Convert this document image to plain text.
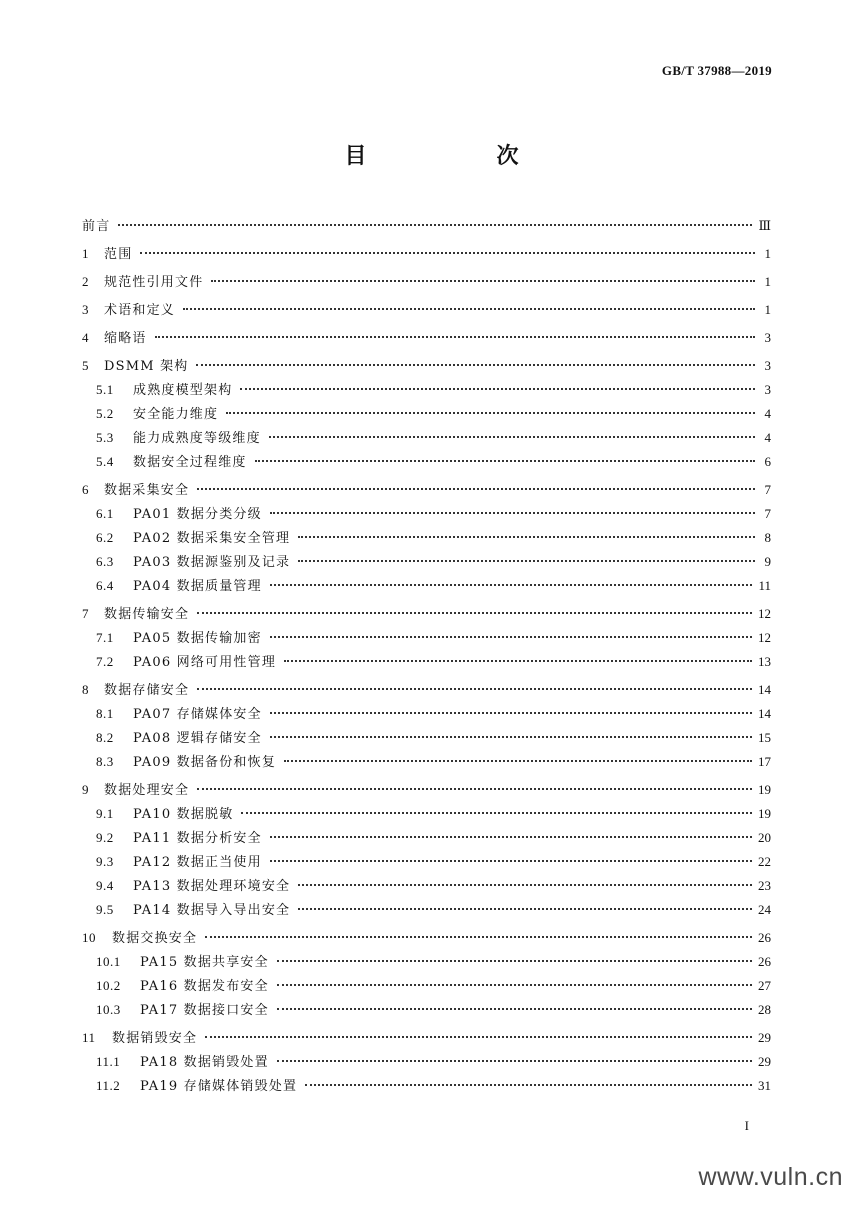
GB/T 37988—2019
目　次
前言	Ⅲ
1	范围	1
2	规范性引用文件	1
3	术语和定义	1
4	缩略语	3
5	DSMM 架构	3
5.1	成熟度模型架构	3
5.2	安全能力维度	4
5.3	能力成熟度等级维度	4
5.4	数据安全过程维度	6
6	数据采集安全	7
6.1	PA01 数据分类分级	7
6.2	PA02 数据采集安全管理	8
6.3	PA03 数据源鉴别及记录	9
6.4	PA04 数据质量管理	11
7	数据传输安全	12
7.1	PA05 数据传输加密	12
7.2	PA06 网络可用性管理	13
8	数据存储安全	14
8.1	PA07 存储媒体安全	14
8.2	PA08 逻辑存储安全	15
8.3	PA09 数据备份和恢复	17
9	数据处理安全	19
9.1	PA10 数据脱敏	19
9.2	PA11 数据分析安全	20
9.3	PA12 数据正当使用	22
9.4	PA13 数据处理环境安全	23
9.5	PA14 数据导入导出安全	24
10	数据交换安全	26
10.1	PA15 数据共享安全	26
10.2	PA16 数据发布安全	27
10.3	PA17 数据接口安全	28
11	数据销毁安全	29
11.1	PA18 数据销毁处置	29
11.2	PA19 存储媒体销毁处置	31
I
www.vuln.cn
